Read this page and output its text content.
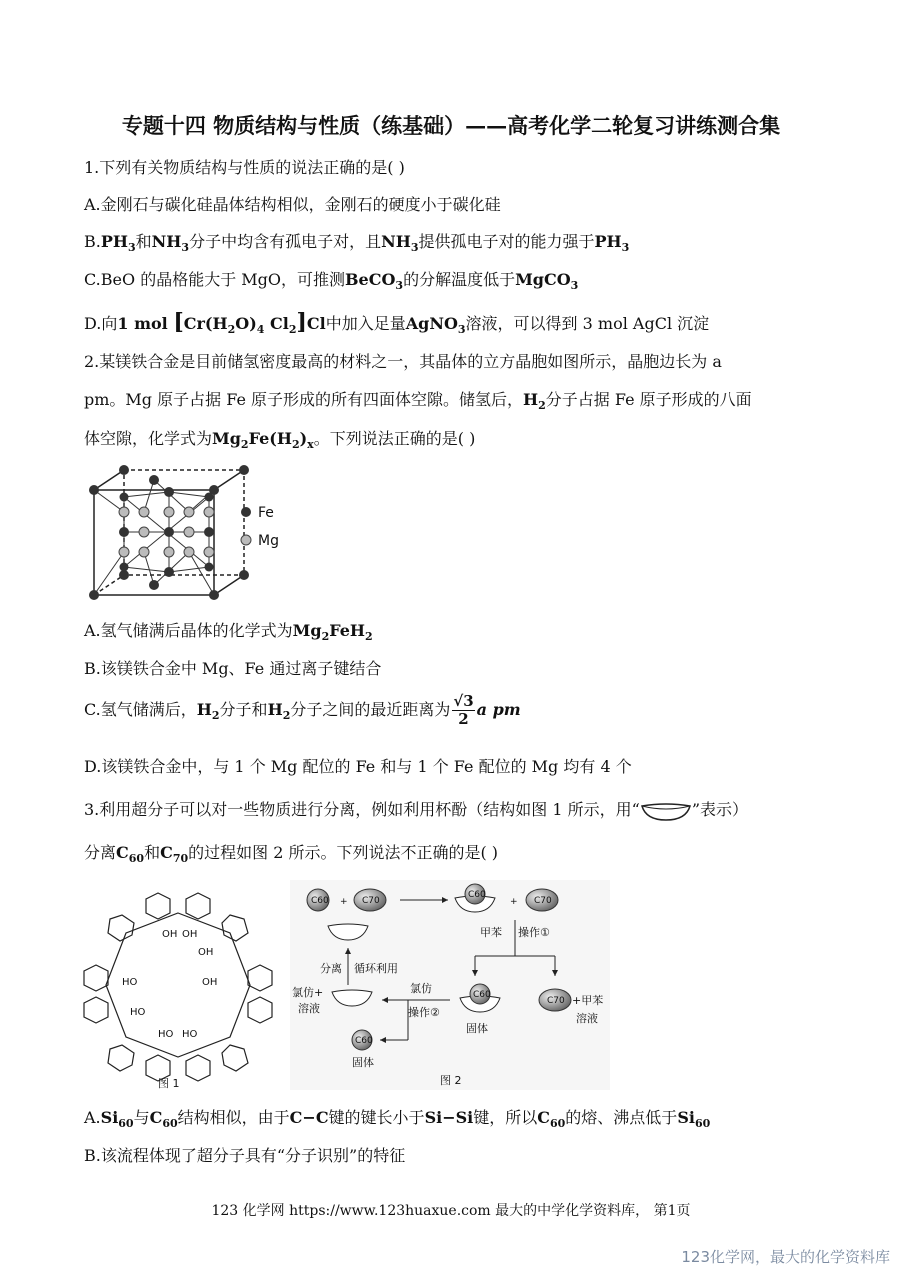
专题十四 物质结构与性质（练基础）——高考化学二轮复习讲练测合集
1.下列有关物质结构与性质的说法正确的是( )
A.金刚石与碳化硅晶体结构相似，金刚石的硬度小于碳化硅
$B.PH_3$和$NH_3$分子中均含有孤电子对，且$NH_3$提供孤电子对的能力强于$PH_3$
C.BeO 的晶格能大于 MgO，可推测BeCO$_3$的分解温度低于MgCO$_3$
D.向1 mol [$Cr(H_2O)_4$ $Cl_2]Cl$中加入足量AgNO$_3$溶液，可以得到 3 mol AgCl 沉淀
2.某镁铁合金是目前储氢密度最高的材料之一，其晶体的立方晶胞如图所示，晶胞边长为 a
pm。Mg 原子占据 Fe 原子形成的所有四面体空隙。储氢后，$H_2$分子占据 Fe 原子形成的八面
体空隙，化学式为$Mg_2Fe(H_2)_x$。下列说法正确的是( )
Fe
Mg
A.氢气储满后晶体的化学式为$Mg_2FeH_2$
B.该镁铁合金中 Mg、Fe 通过离子键结合
C.氢气储满后，$H_2$分子和$H_2$分子之间的最近距离为 $\frac{√3}{2}$ a pm
D.该镁铁合金中，与 1 个 Mg 配位的 Fe 和与 1 个 Fe 配位的 Mg 均有 4 个
3.利用超分子可以对一些物质进行分离，例如利用杯酚（结构如图 1 所示，用“	”表示）
分离$C_{60}$和$C_{70}$的过程如图 2 所示。下列说法不正确的是( )
OH OH
OH
OH
HO
HO
HO HO
图 1
C60 + C70
C60
+ C70
甲苯 操作①
分离 循环利用
氯仿+
溶液
氯仿
操作②
C60
固体
C60
固体
C70 +甲苯
溶液
图 2
$A.Si_{60}$与$C_{60}$结构相似，由于C−C键的键长小于Si−Si键，所以$C_{60}$的熔、沸点低于$Si_{60}$
B.该流程体现了超分子具有“分子识别”的特征
123 化学网 https://www.123huaxue.com 最大的中学化学资料库， 第1页
123化学网，最大的化学资料库
